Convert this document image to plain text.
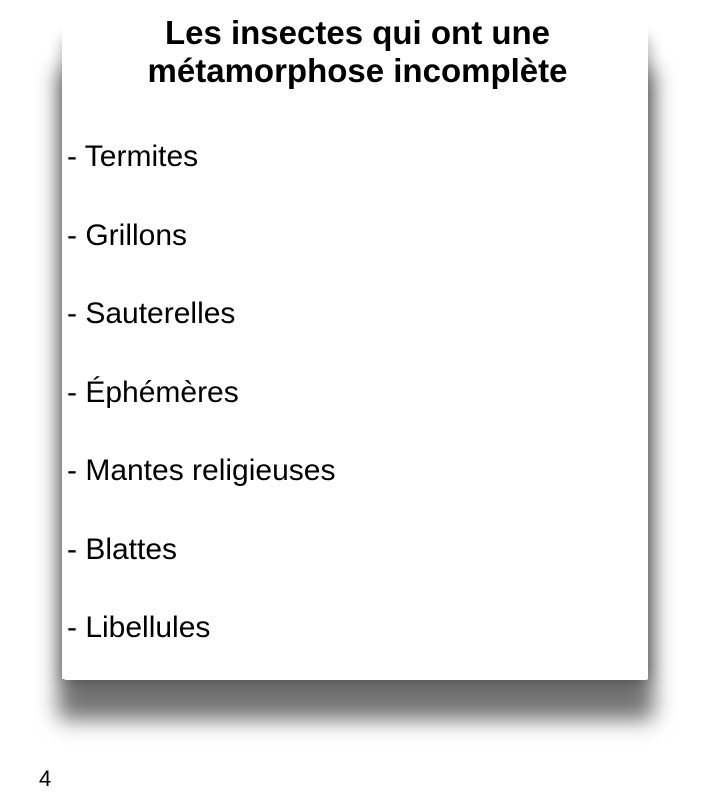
Les insectes qui ont une
métamorphose incomplète
- Termites
- Grillons
- Sauterelles
- Éphémères
- Mantes religieuses
- Blattes
- Libellules
4
